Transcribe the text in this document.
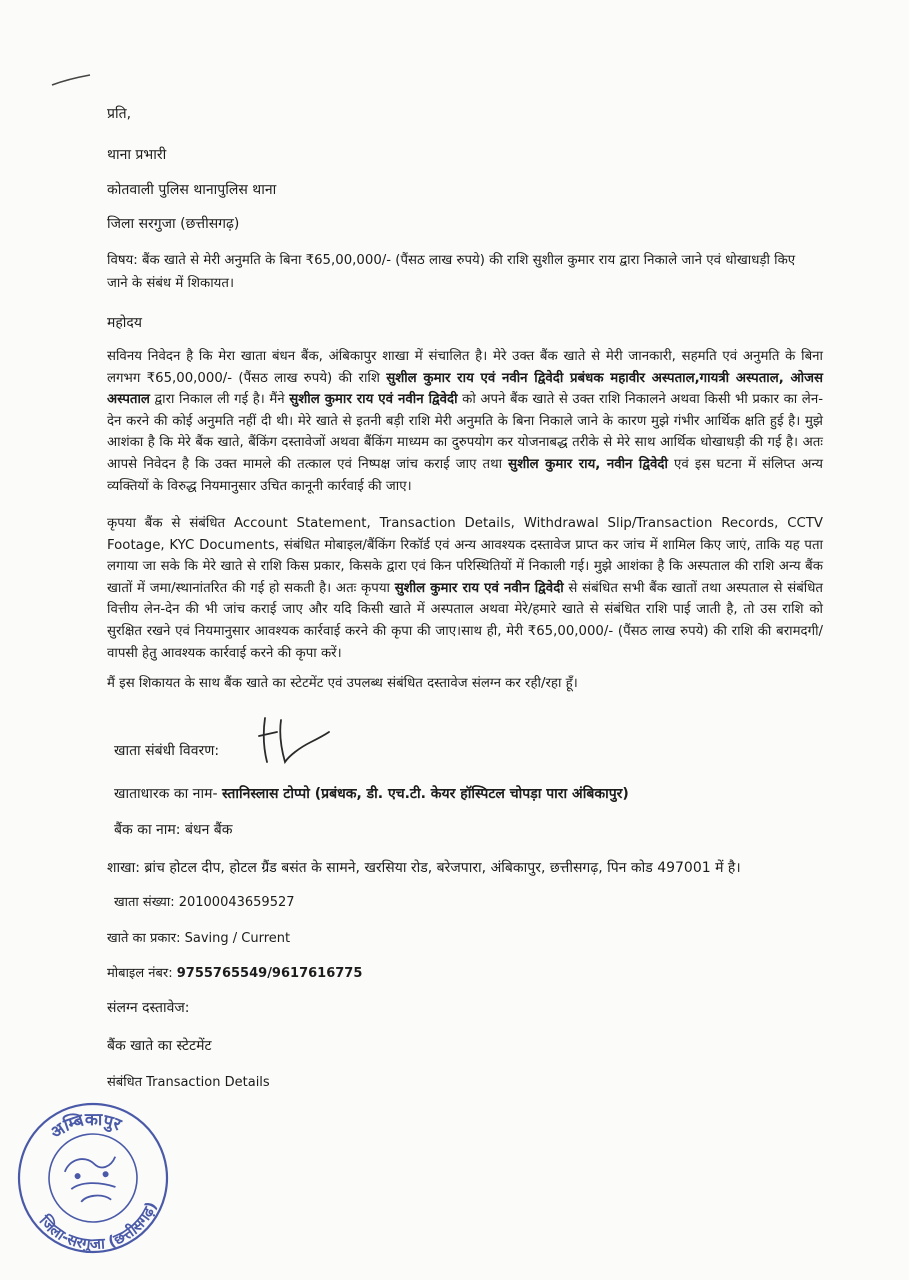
प्रति,
थाना प्रभारी
कोतवाली पुलिस थानापुलिस थाना
जिला सरगुजा (छत्तीसगढ़)
विषय: बैंक खाते से मेरी अनुमति के बिना ₹65,00,000/- (पैंसठ लाख रुपये) की राशि सुशील कुमार राय द्वारा निकाले जाने एवं धोखाधड़ी किए
जाने के संबंध में शिकायत।
महोदय
सविनय निवेदन है कि मेरा खाता बंधन बैंक, अंबिकापुर शाखा में संचालित है। मेरे उक्त बैंक खाते से मेरी जानकारी, सहमति एवं अनुमति के बिना लगभग ₹65,00,000/- (पैंसठ लाख रुपये) की राशि सुशील कुमार राय एवं नवीन द्विवेदी प्रबंधक महावीर अस्पताल,गायत्री अस्पताल, ओजस अस्पताल द्वारा निकाल ली गई है। मैंने सुशील कुमार राय एवं नवीन द्विवेदी को अपने बैंक खाते से उक्त राशि निकालने अथवा किसी भी प्रकार का लेन-देन करने की कोई अनुमति नहीं दी थी। मेरे खाते से इतनी बड़ी राशि मेरी अनुमति के बिना निकाले जाने के कारण मुझे गंभीर आर्थिक क्षति हुई है। मुझे आशंका है कि मेरे बैंक खाते, बैंकिंग दस्तावेजों अथवा बैंकिंग माध्यम का दुरुपयोग कर योजनाबद्ध तरीके से मेरे साथ आर्थिक धोखाधड़ी की गई है। अतः आपसे निवेदन है कि उक्त मामले की तत्काल एवं निष्पक्ष जांच कराई जाए तथा सुशील कुमार राय, नवीन द्विवेदी एवं इस घटना में संलिप्त अन्य व्यक्तियों के विरुद्ध नियमानुसार उचित कानूनी कार्रवाई की जाए।
कृपया बैंक से संबंधित Account Statement, Transaction Details, Withdrawal Slip/Transaction Records, CCTV Footage, KYC Documents, संबंधित मोबाइल/बैंकिंग रिकॉर्ड एवं अन्य आवश्यक दस्तावेज प्राप्त कर जांच में शामिल किए जाएं, ताकि यह पता लगाया जा सके कि मेरे खाते से राशि किस प्रकार, किसके द्वारा एवं किन परिस्थितियों में निकाली गई। मुझे आशंका है कि अस्पताल की राशि अन्य बैंक खातों में जमा/स्थानांतरित की गई हो सकती है। अतः कृपया सुशील कुमार राय एवं नवीन द्विवेदी से संबंधित सभी बैंक खातों तथा अस्पताल से संबंधित वित्तीय लेन-देन की भी जांच कराई जाए और यदि किसी खाते में अस्पताल अथवा मेरे/हमारे खाते से संबंधित राशि पाई जाती है, तो उस राशि को सुरक्षित रखने एवं नियमानुसार आवश्यक कार्रवाई करने की कृपा की जाए।साथ ही, मेरी ₹65,00,000/- (पैंसठ लाख रुपये) की राशि की बरामदगी/वापसी हेतु आवश्यक कार्रवाई करने की कृपा करें।
मैं इस शिकायत के साथ बैंक खाते का स्टेटमेंट एवं उपलब्ध संबंधित दस्तावेज संलग्न कर रही/रहा हूँ।
खाता संबंधी विवरण:
खाताधारक का नाम- स्तानिस्लास टोप्पो (प्रबंधक, डी. एच.टी. केयर हॉस्पिटल चोपड़ा पारा अंबिकापुर)
बैंक का नाम: बंधन बैंक
शाखा: ब्रांच होटल दीप, होटल ग्रैंड बसंत के सामने, खरसिया रोड, बरेजपारा, अंबिकापुर, छत्तीसगढ़, पिन कोड 497001 में है।
खाता संख्या: 20100043659527
खाते का प्रकार: Saving / Current
मोबाइल नंबर: 9755765549/9617616775
संलग्न दस्तावेज:
बैंक खाते का स्टेटमेंट
संबंधित Transaction Details
अम्बिकापुर
जिला-सरगुजा (छत्तीसगढ़)
